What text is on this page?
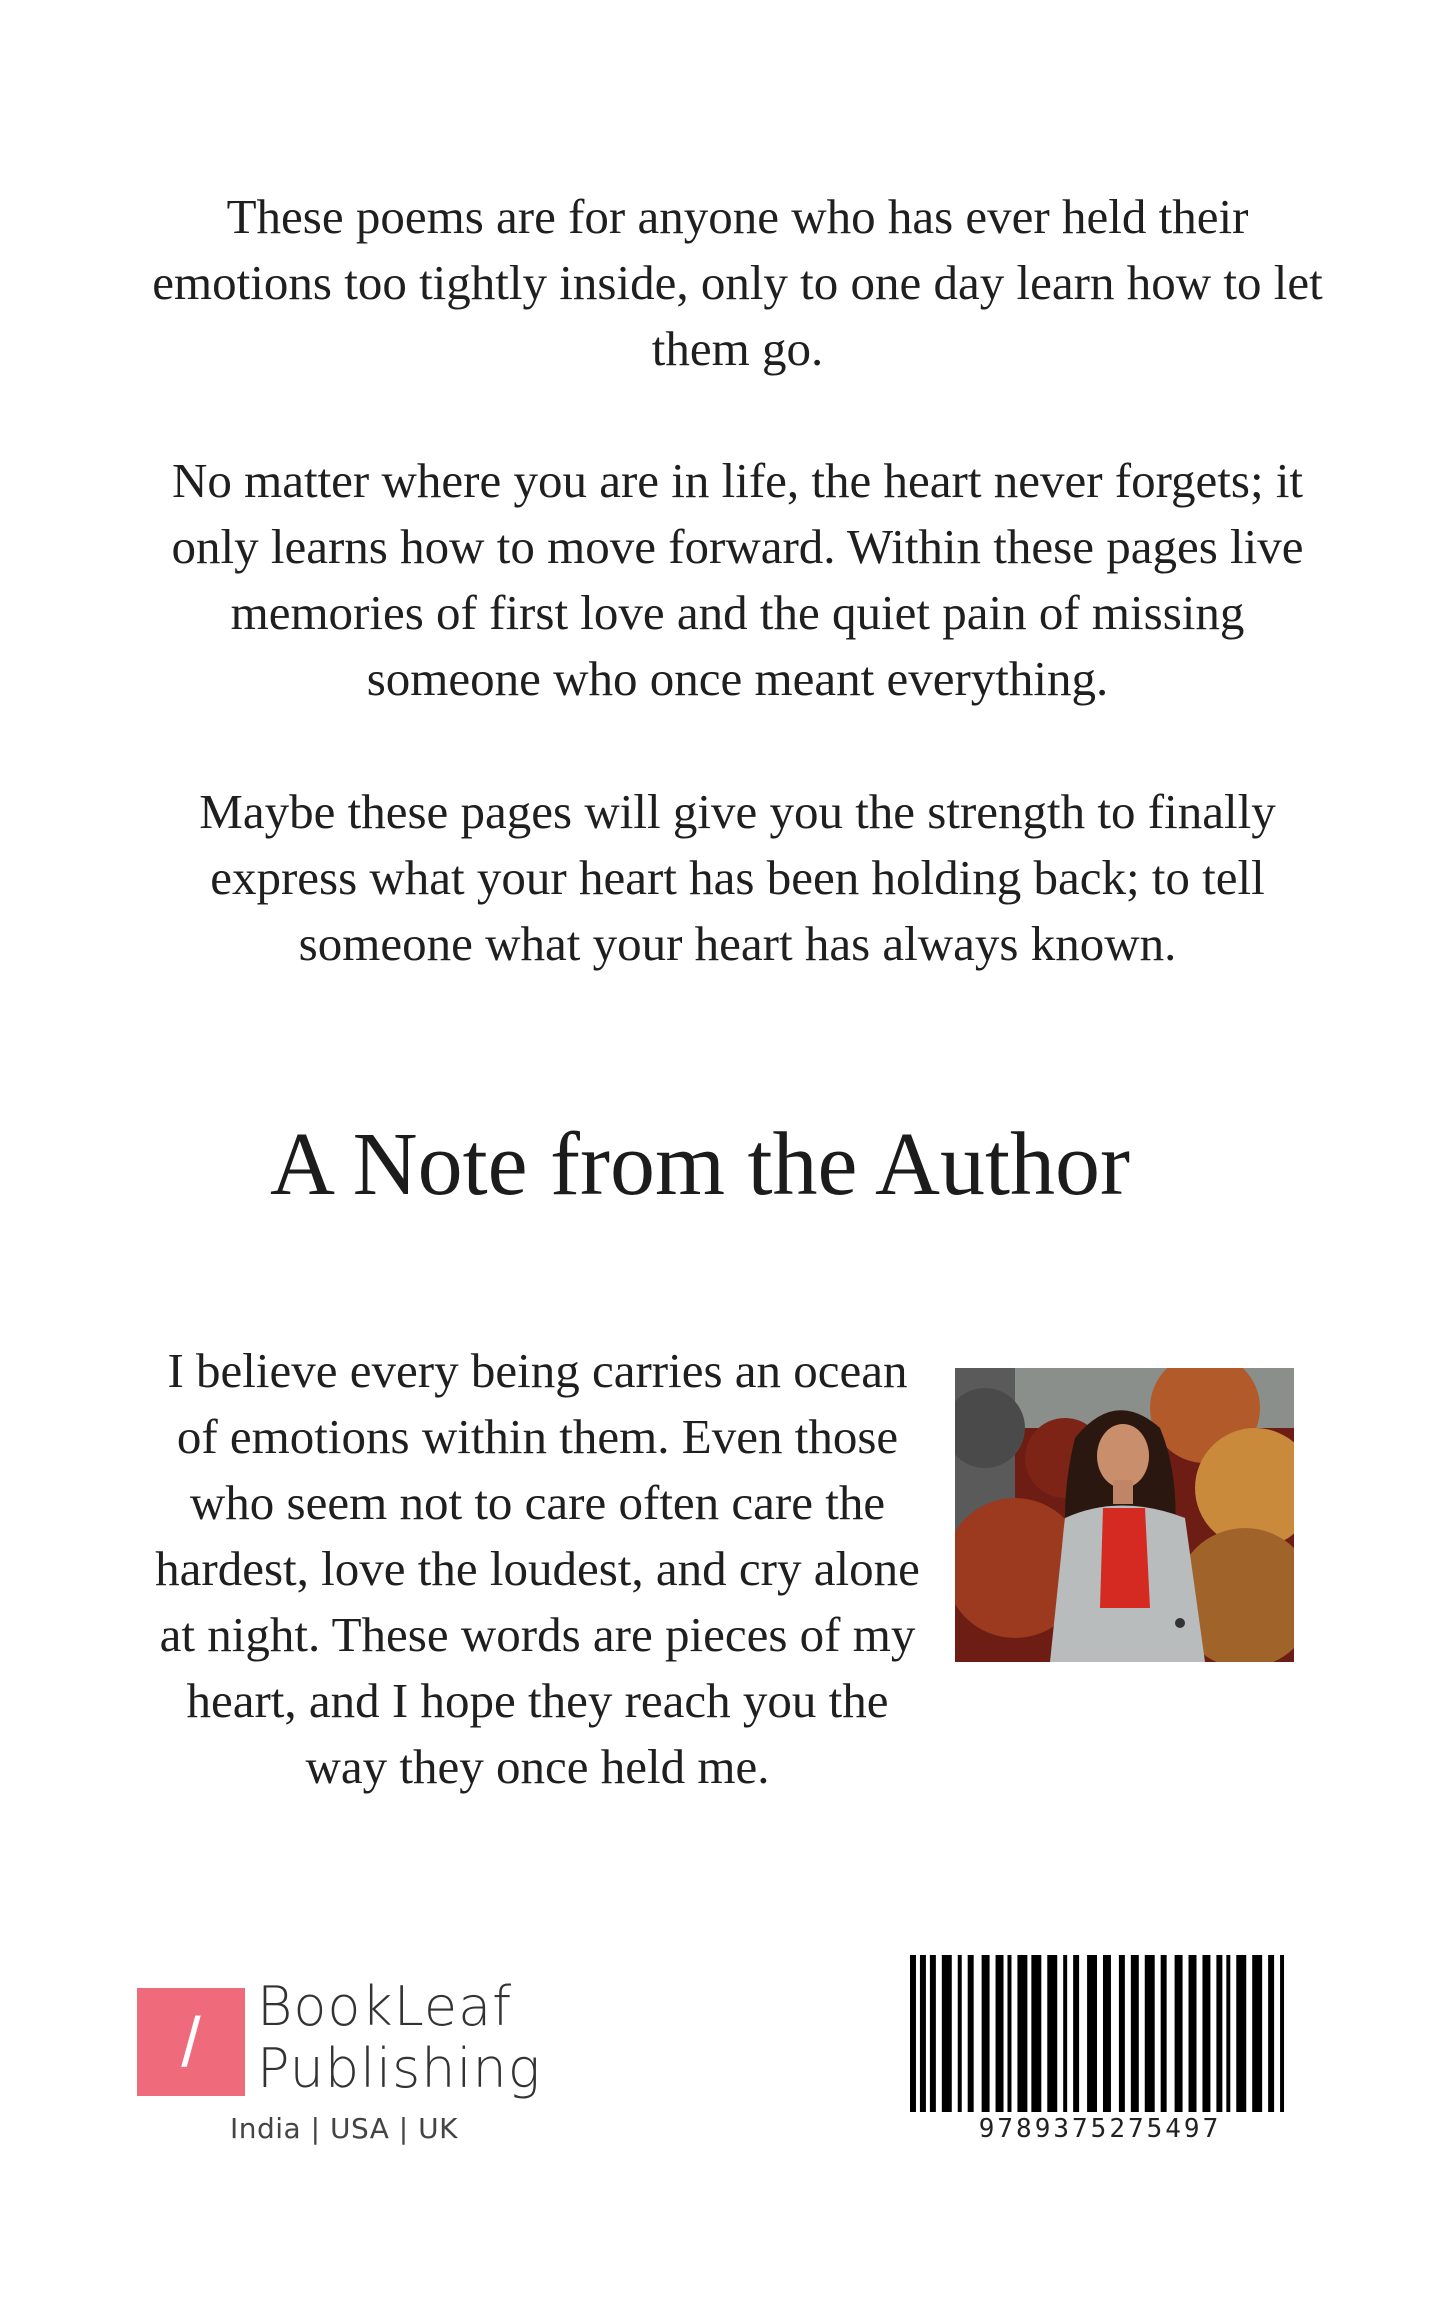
These poems are for anyone who has ever held their emotions too tightly inside, only to one day learn how to let them go.

No matter where you are in life, the heart never forgets; it only learns how to move forward. Within these pages live memories of first love and the quiet pain of missing someone who once meant everything.

Maybe these pages will give you the strength to finally express what your heart has been holding back; to tell someone what your heart has always known.

A Note from the Author

I believe every being carries an ocean of emotions within them. Even those who seem not to care often care the hardest, love the loudest, and cry alone at night. These words are pieces of my heart, and I hope they reach you the way they once held me.

/	BookLeaf
Publishing
India | USA | UK	9789375275497
